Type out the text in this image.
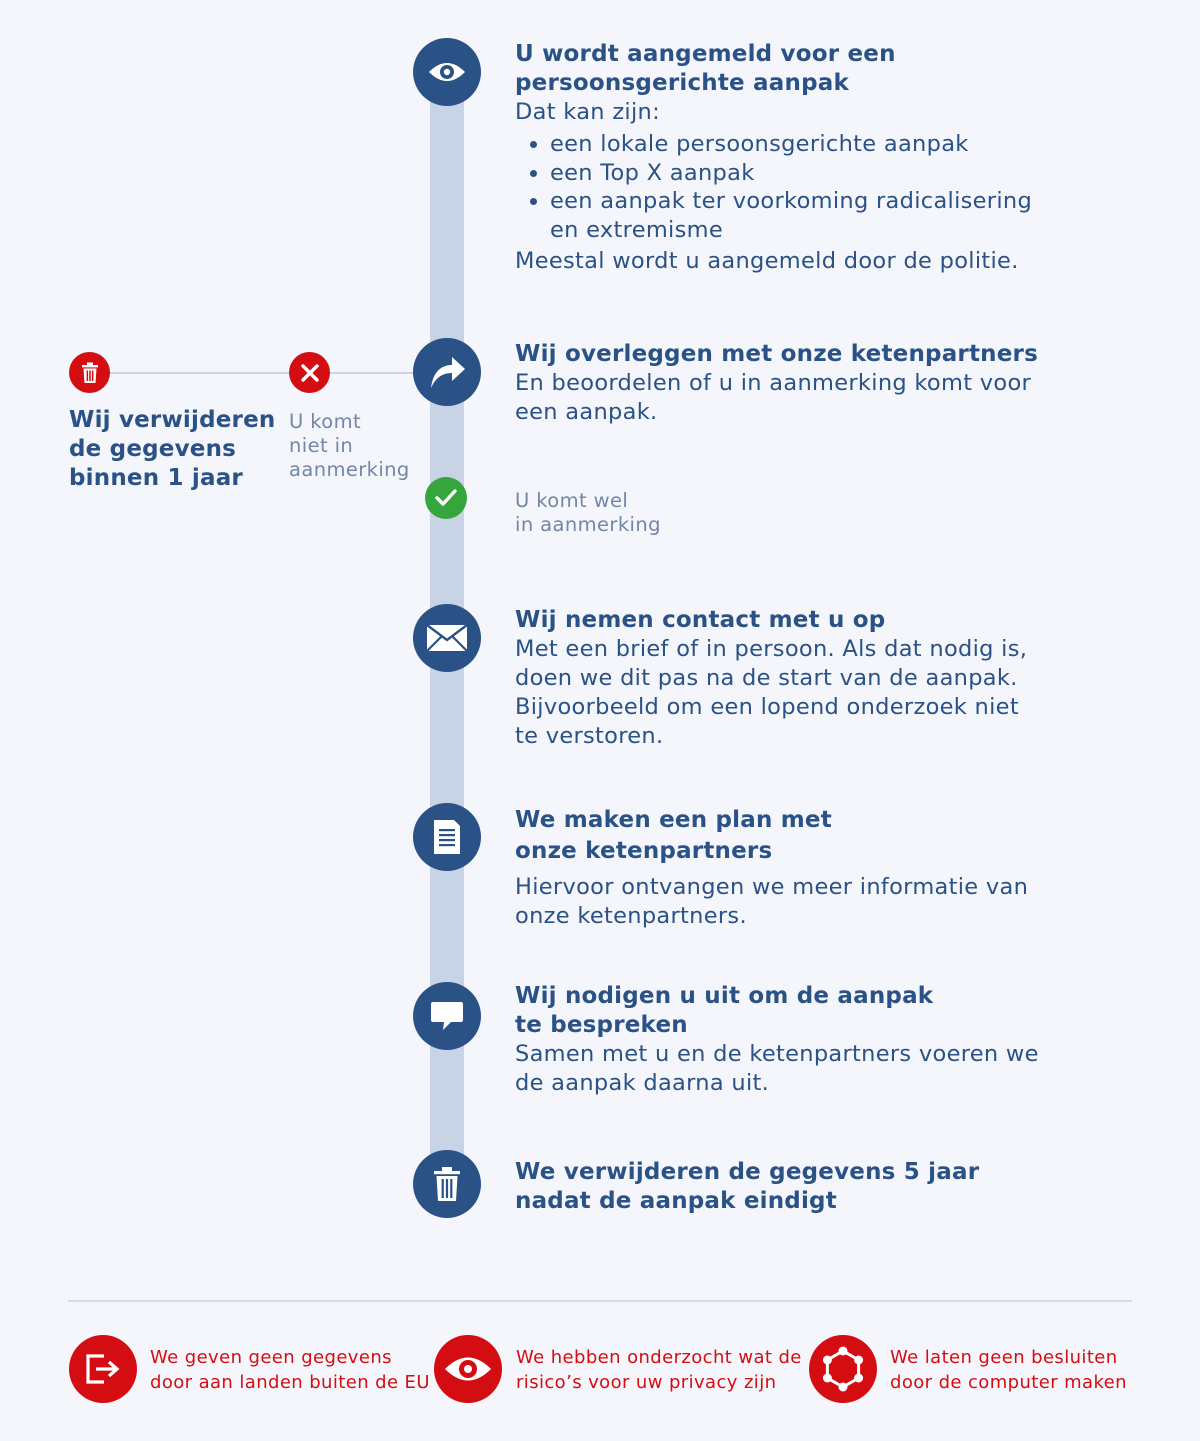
U wordt aangemeld voor een
persoonsgerichte aanpak
Dat kan zijn:
• een lokale persoonsgerichte aanpak
• een Top X aanpak
• een aanpak ter voorkoming radicalisering en extremisme
Meestal wordt u aangemeld door de politie.
Wij overleggen met onze ketenpartners
En beoordelen of u in aanmerking komt voor
een aanpak.
U komt
niet in
aanmerking
Wij verwijderen
de gegevens
binnen 1 jaar
U komt wel
in aanmerking
Wij nemen contact met u op
Met een brief of in persoon. Als dat nodig is,
doen we dit pas na de start van de aanpak.
Bijvoorbeeld om een lopend onderzoek niet
te verstoren.
We maken een plan met
onze ketenpartners
Hiervoor ontvangen we meer informatie van
onze ketenpartners.
Wij nodigen u uit om de aanpak
te bespreken
Samen met u en de ketenpartners voeren we
de aanpak daarna uit.
We verwijderen de gegevens 5 jaar
nadat de aanpak eindigt
We geven geen gegevens
door aan landen buiten de EU
We hebben onderzocht wat de
risico’s voor uw privacy zijn
We laten geen besluiten
door de computer maken
